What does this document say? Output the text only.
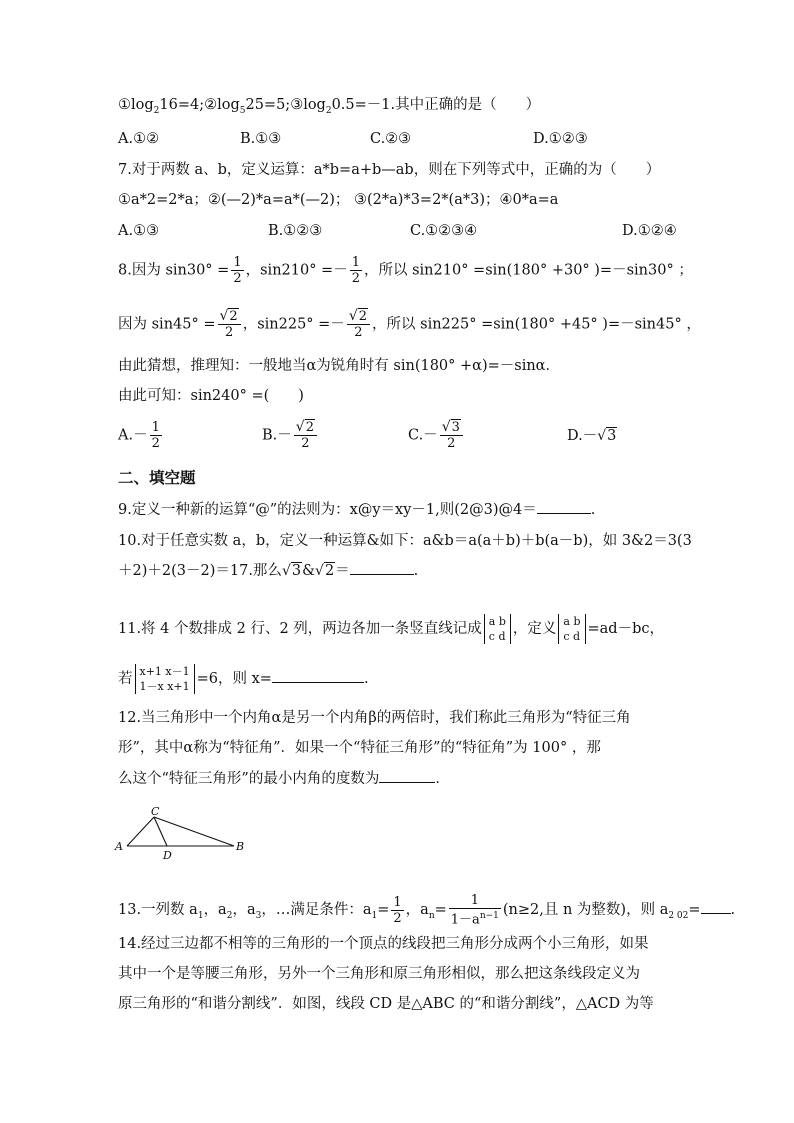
$①\log_216=4;②\log_525=5;③\log_20.5=-1$.其中正确的是（　　）
A.①②	B.①③	C.②③	D.①②③
7.对于两数 a、b，定义运算：a*b=a+b—ab，则在下列等式中，正确的为（　　）
①a*2=2*a；②(—2)*a=a*(—2)； ③(2*a)*3=2*(a*3)；④0*a=a
A.①③	B.①②③	C.①②③④	D.①②④
8.因为 $\sin 30^\circ = \frac{1}{2}$ ，$\sin 210^\circ =- \frac{1}{2}$ ，所以 sin210° =sin(180° +30° )=－sin30° ；
因为 $\sin 45^\circ = \frac{√2}{2}$ ，$\sin 225^\circ =- \frac{√2}{2}$ ，所以 sin225° =sin(180° +45° )=－sin45° ，
由此猜想，推理知：一般地当α为锐角时有 sin(180° +α)=－sinα．
由此可知：sin240° =(　　)
$A.- \frac{1}{2}$	$B.- \frac{√2}{2}$	$C.- \frac{√3}{2}$	D.－√3
二、填空题
9.定义一种新的运算“@”的法则为：x@y＝xy－1,则(2@3)@4＝	.
10.对于任意实数 a，b，定义一种运算&如下：a&b＝a(a＋b)＋b(a－b)，如 3&2＝3(3
＋2)＋2(3－2)＝17.那么√3&√2＝	.
11.将 4 个数排成 2 行、2 列，两边各加一条竖直线记成 a b
c d ，定义 a b
c d =ad－bc，
若 x+1 x－1
1－x x+1 =6，则 x=	.
12.当三角形中一个内角α是另一个内角β的两倍时，我们称此三角形为“特征三角
形”，其中α称为“特征角”．如果一个“特征三角形”的“特征角”为 100° ，那
么这个“特征三角形”的最小内角的度数为	．
A	B
C
D
13.一列数 $a_1$，$a_2$，$a_3$，…满足条件：$a_1= \frac{1}{2}$ ，$a_n= \frac{1}{1-a^{n-1}} (n\ge 2$,且 n 为整数)，则 $a_{2 02}=$ .
14.经过三边都不相等的三角形的一个顶点的线段把三角形分成两个小三角形，如果
其中一个是等腰三角形，另外一个三角形和原三角形相似，那么把这条线段定义为
原三角形的“和谐分割线”．如图，线段 CD 是△ABC 的“和谐分割线”，△ACD 为等
